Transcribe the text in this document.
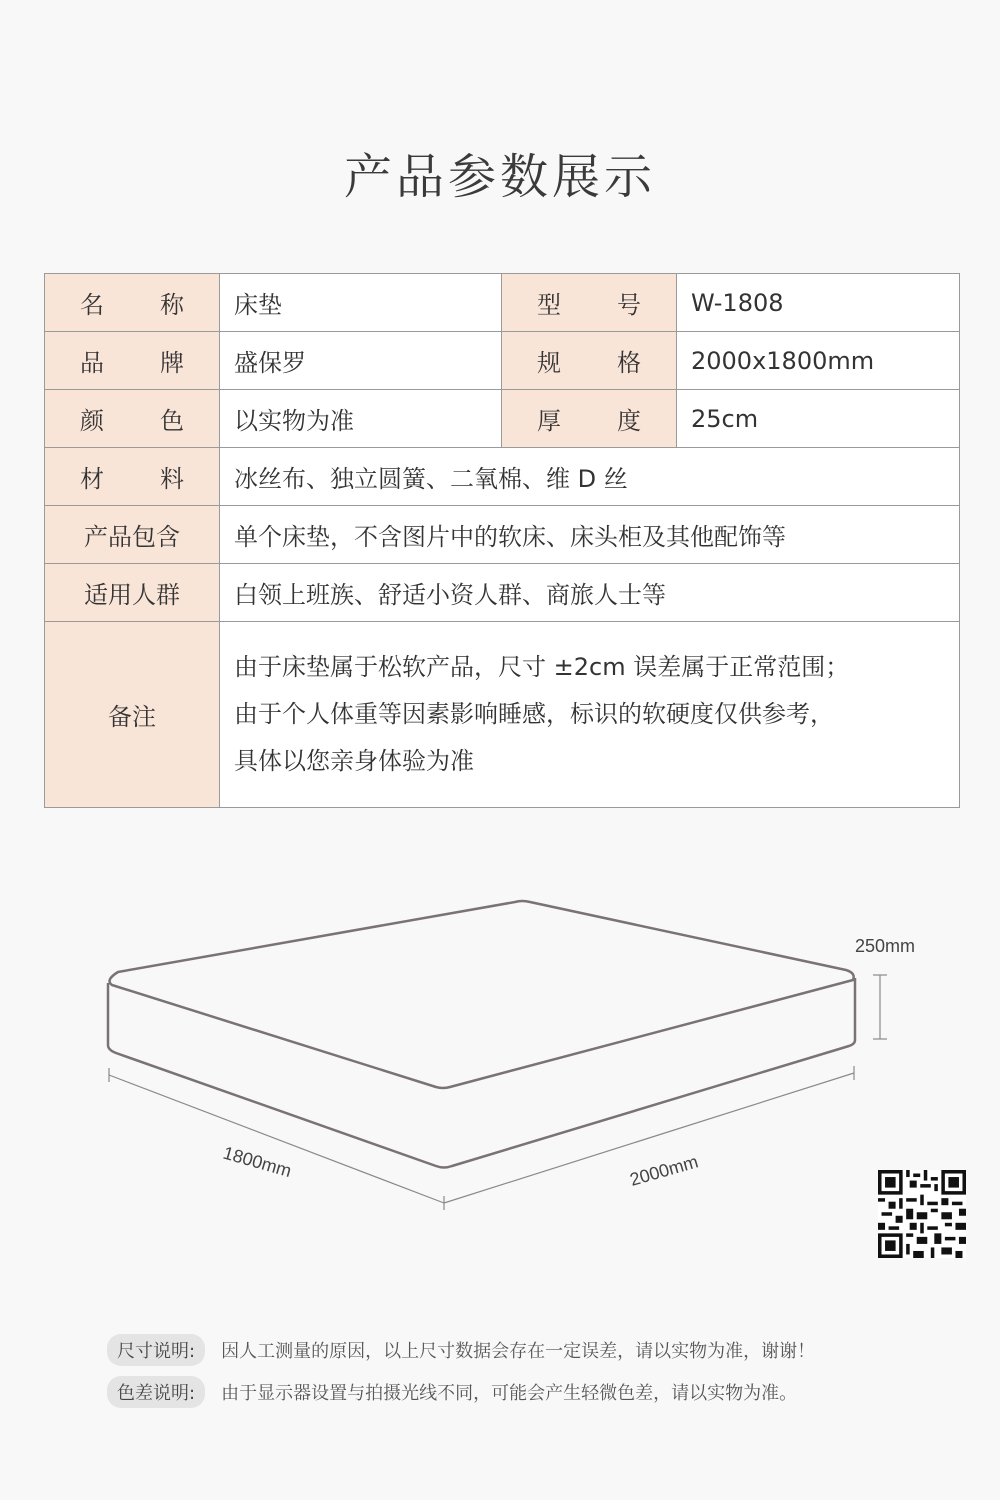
产品参数展示
名 称	床垫	型 号	W-1808
品 牌	盛保罗	规 格	2000x1800mm
颜 色	以实物为准	厚 度	25cm
材 料	冰丝布、独立圆簧、二氧棉、维 D 丝		
产品包含	单个床垫，不含图片中的软床、床头柜及其他配饰等		
适用人群	白领上班族、舒适小资人群、商旅人士等		
备注	由于床垫属于松软产品，尺寸 ±2cm 误差属于正常范围；
由于个人体重等因素影响睡感，标识的软硬度仅供参考，
具体以您亲身体验为准		
250mm
1800mm	2000mm
尺寸说明:	因人工测量的原因，以上尺寸数据会存在一定误差，请以实物为准，谢谢！
色差说明:	由于显示器设置与拍摄光线不同，可能会产生轻微色差，请以实物为准。
